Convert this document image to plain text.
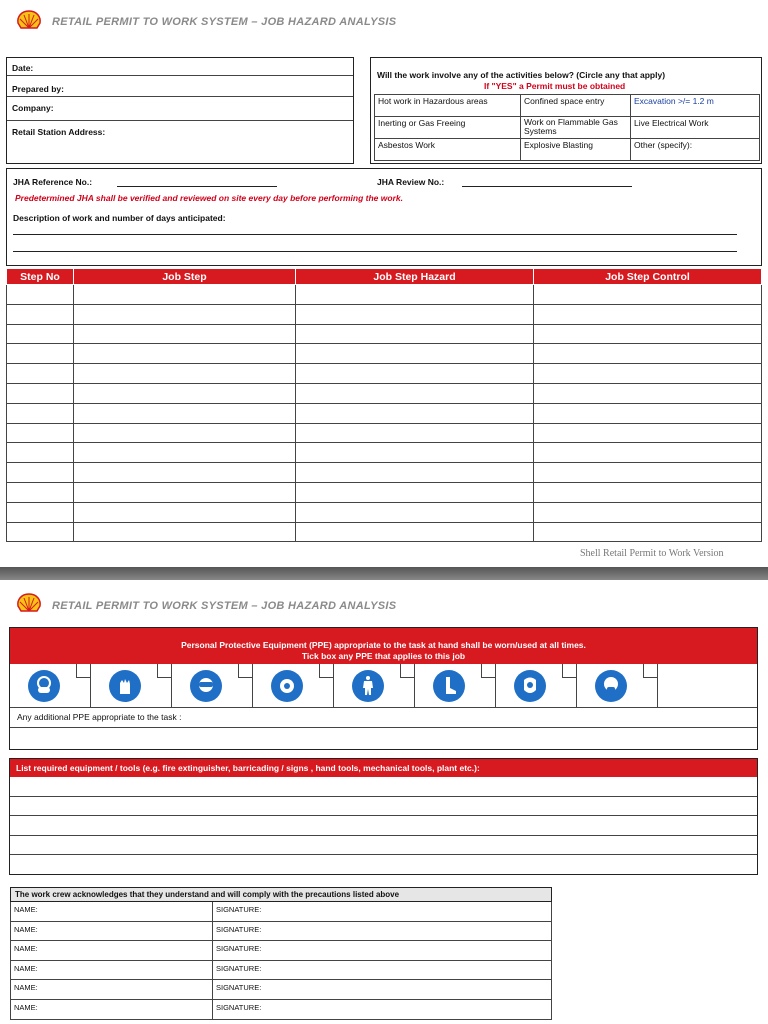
RETAIL PERMIT TO WORK SYSTEM – JOB HAZARD ANALYSIS
Date:
Prepared by:
Company:
Retail Station Address:
Will the work involve any of the activities below? (Circle any that apply)
If "YES" a Permit must be obtained
Hot work in Hazardous areas	Confined space entry	Excavation >/= 1.2 m
Inerting or Gas Freeing	Work on Flammable Gas Systems	Live Electrical Work
Asbestos Work	Explosive Blasting	Other (specify):
JHA Reference No.:	JHA Review No.:
Predetermined JHA shall be verified and reviewed on site every day before performing the work.
Description of work and number of days anticipated:
Step No	Job Step	Job Step Hazard	Job Step Control

Shell Retail Permit to Work Version
RETAIL PERMIT TO WORK SYSTEM – JOB HAZARD ANALYSIS
Personal Protective Equipment (PPE) appropriate to the task at hand shall be worn/used at all times.
Tick box any PPE that applies to this job
Any additional PPE appropriate to the task :
List required equipment / tools (e.g. fire extinguisher, barricading / signs , hand tools, mechanical tools, plant etc.):
The work crew acknowledges that they understand and will comply with the precautions listed above	
NAME:	SIGNATURE:
NAME:	SIGNATURE:
NAME:	SIGNATURE:
NAME:	SIGNATURE:
NAME:	SIGNATURE:
NAME:	SIGNATURE:
